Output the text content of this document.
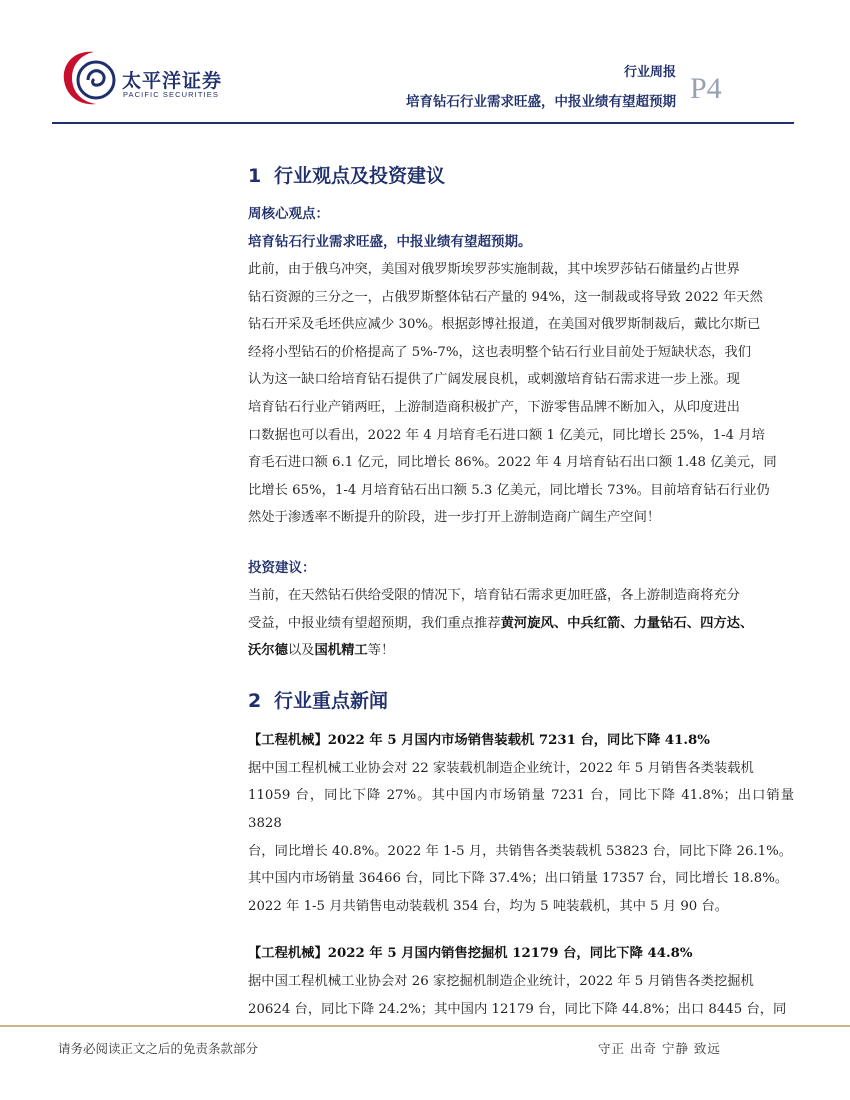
太平洋证券
PACIFIC SECURITIES
行业周报
培育钻石行业需求旺盛，中报业绩有望超预期 P4
1 行业观点及投资建议
周核心观点：
培育钻石行业需求旺盛，中报业绩有望超预期。
此前，由于俄乌冲突，美国对俄罗斯埃罗莎实施制裁，其中埃罗莎钻石储量约占世界
钻石资源的三分之一，占俄罗斯整体钻石产量的 94%，这一制裁或将导致 2022 年天然
钻石开采及毛坯供应减少 30%。根据彭博社报道，在美国对俄罗斯制裁后，戴比尔斯已
经将小型钻石的价格提高了 5%-7%，这也表明整个钻石行业目前处于短缺状态，我们
认为这一缺口给培育钻石提供了广阔发展良机，或刺激培育钻石需求进一步上涨。现
培育钻石行业产销两旺，上游制造商积极扩产，下游零售品牌不断加入，从印度进出
口数据也可以看出，2022 年 4 月培育毛石进口额 1 亿美元，同比增长 25%，1-4 月培
育毛石进口额 6.1 亿元，同比增长 86%。2022 年 4 月培育钻石出口额 1.48 亿美元，同
比增长 65%，1-4 月培育钻石出口额 5.3 亿美元，同比增长 73%。目前培育钻石行业仍
然处于渗透率不断提升的阶段，进一步打开上游制造商广阔生产空间！
投资建议：
当前，在天然钻石供给受限的情况下，培育钻石需求更加旺盛，各上游制造商将充分
受益，中报业绩有望超预期，我们重点推荐黄河旋风、中兵红箭、力量钻石、四方达、
沃尔德以及国机精工等！
2 行业重点新闻
【工程机械】2022 年 5 月国内市场销售装载机 7231 台，同比下降 41.8%
据中国工程机械工业协会对 22 家装载机制造企业统计，2022 年 5 月销售各类装载机
11059 台，同比下降 27%。其中国内市场销量 7231 台，同比下降 41.8%；出口销量 3828
台，同比增长 40.8%。2022 年 1-5 月，共销售各类装载机 53823 台，同比下降 26.1%。
其中国内市场销量 36466 台，同比下降 37.4%；出口销量 17357 台，同比增长 18.8%。
2022 年 1-5 月共销售电动装载机 354 台，均为 5 吨装载机，其中 5 月 90 台。
【工程机械】2022 年 5 月国内销售挖掘机 12179 台，同比下降 44.8%
据中国工程机械工业协会对 26 家挖掘机制造企业统计，2022 年 5 月销售各类挖掘机
20624 台，同比下降 24.2%；其中国内 12179 台，同比下降 44.8%；出口 8445 台，同
请务必阅读正文之后的免责条款部分	守正 出奇 宁静 致远
